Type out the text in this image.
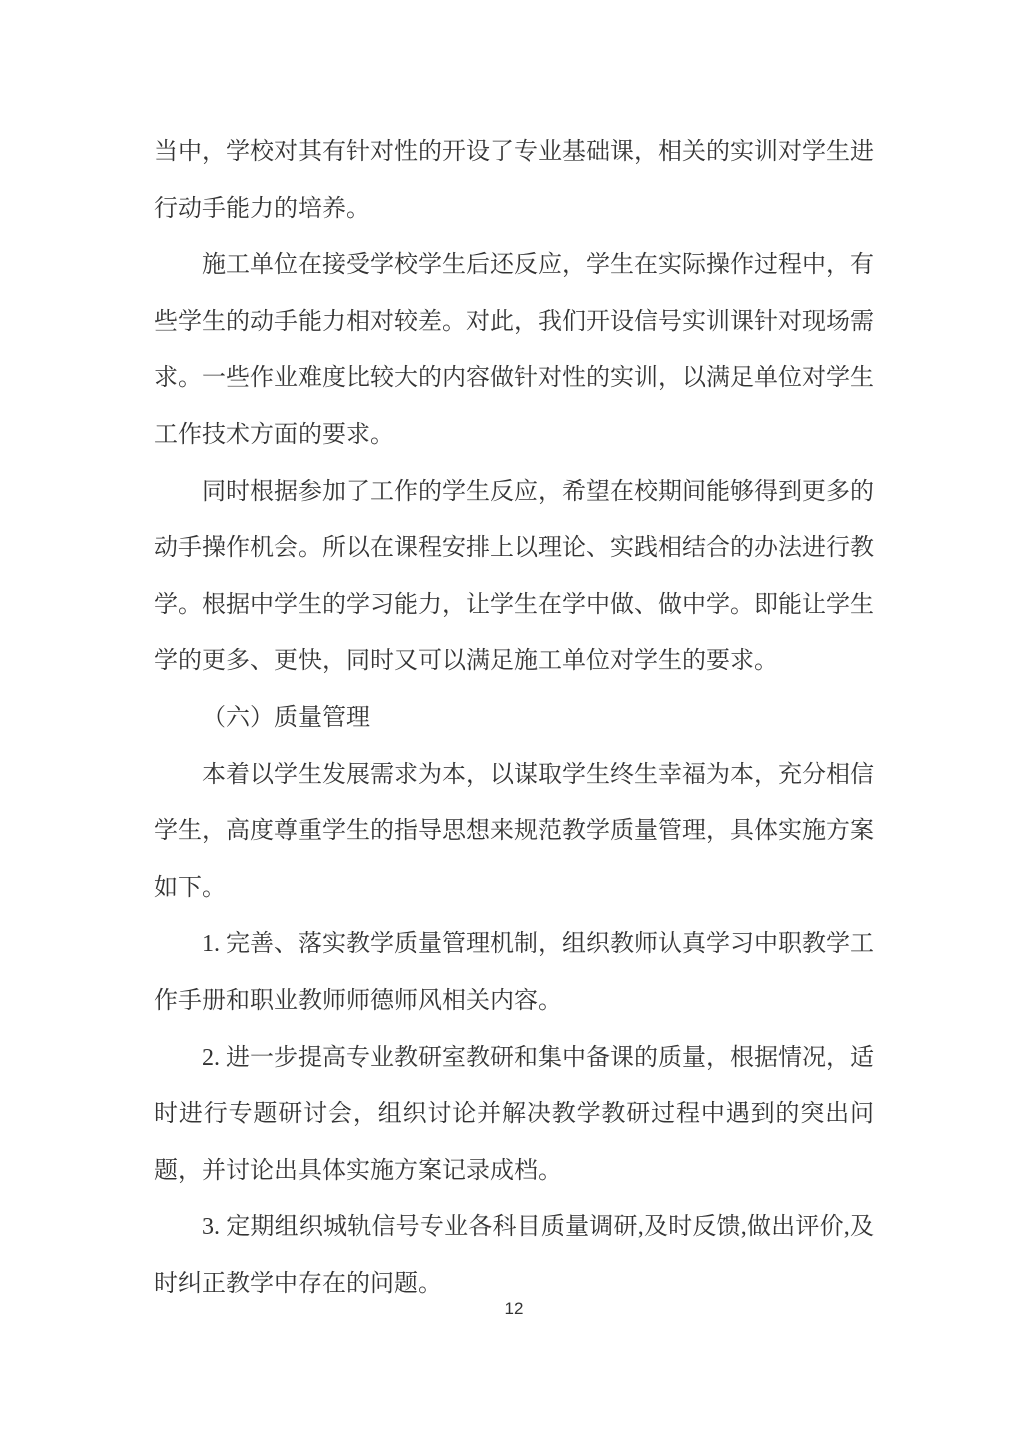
当中，学校对其有针对性的开设了专业基础课，相关的实训对学生进行动手能力的培养。

施工单位在接受学校学生后还反应，学生在实际操作过程中，有些学生的动手能力相对较差。对此，我们开设信号实训课针对现场需求。一些作业难度比较大的内容做针对性的实训，以满足单位对学生工作技术方面的要求。

同时根据参加了工作的学生反应，希望在校期间能够得到更多的动手操作机会。所以在课程安排上以理论、实践相结合的办法进行教学。根据中学生的学习能力，让学生在学中做、做中学。即能让学生学的更多、更快，同时又可以满足施工单位对学生的要求。

（六）质量管理

本着以学生发展需求为本，以谋取学生终生幸福为本，充分相信学生，高度尊重学生的指导思想来规范教学质量管理，具体实施方案如下。

1. 完善、落实教学质量管理机制，组织教师认真学习中职教学工作手册和职业教师师德师风相关内容。

2. 进一步提高专业教研室教研和集中备课的质量，根据情况，适时进行专题研讨会，组织讨论并解决教学教研过程中遇到的突出问题，并讨论出具体实施方案记录成档。

3. 定期组织城轨信号专业各科目质量调研,及时反馈,做出评价,及时纠正教学中存在的问题。

12
